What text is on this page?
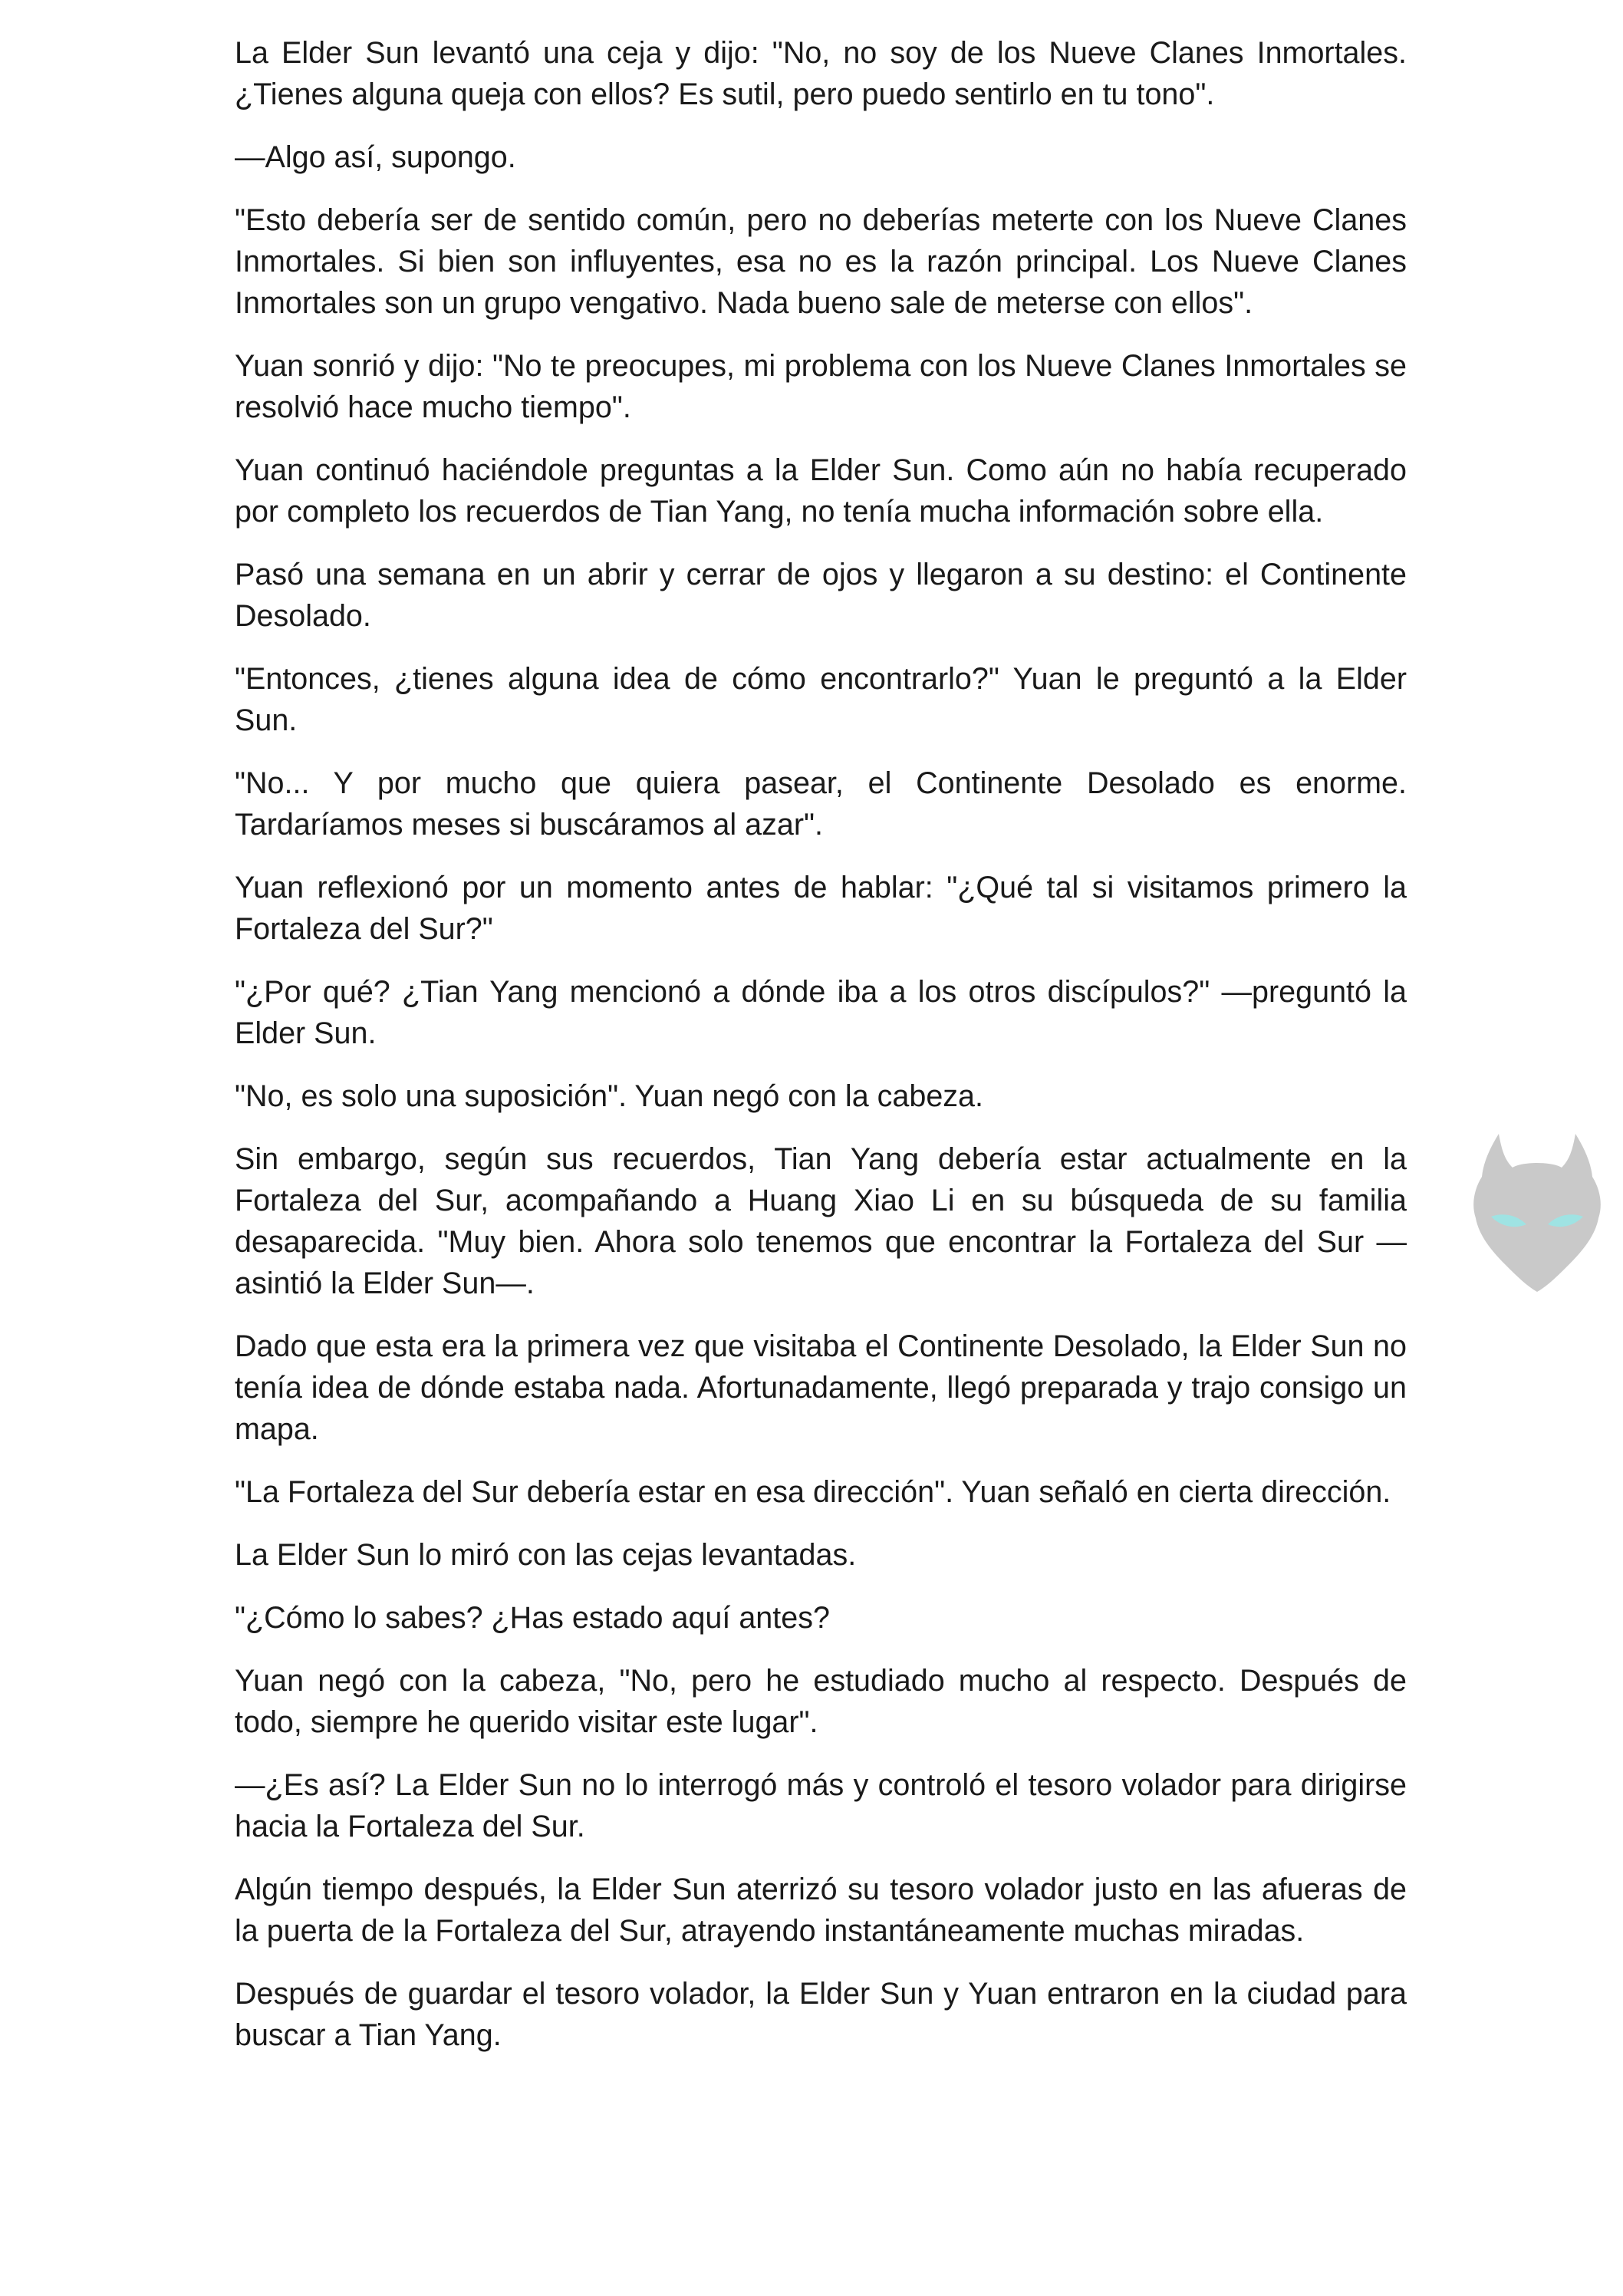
La Elder Sun levantó una ceja y dijo: "No, no soy de los Nueve Clanes Inmortales. ¿Tienes alguna queja con ellos? Es sutil, pero puedo sentirlo en tu tono".

—Algo así, supongo.

"Esto debería ser de sentido común, pero no deberías meterte con los Nueve Clanes Inmortales. Si bien son influyentes, esa no es la razón principal. Los Nueve Clanes Inmortales son un grupo vengativo. Nada bueno sale de meterse con ellos".

Yuan sonrió y dijo: "No te preocupes, mi problema con los Nueve Clanes Inmortales se resolvió hace mucho tiempo".

Yuan continuó haciéndole preguntas a la Elder Sun. Como aún no había recuperado por completo los recuerdos de Tian Yang, no tenía mucha información sobre ella.

Pasó una semana en un abrir y cerrar de ojos y llegaron a su destino: el Continente Desolado.

"Entonces, ¿tienes alguna idea de cómo encontrarlo?" Yuan le preguntó a la Elder Sun.

"No... Y por mucho que quiera pasear, el Continente Desolado es enorme. Tardaríamos meses si buscáramos al azar".

Yuan reflexionó por un momento antes de hablar: "¿Qué tal si visitamos primero la Fortaleza del Sur?"

"¿Por qué? ¿Tian Yang mencionó a dónde iba a los otros discípulos?" —preguntó la Elder Sun.

"No, es solo una suposición". Yuan negó con la cabeza.

Sin embargo, según sus recuerdos, Tian Yang debería estar actualmente en la Fortaleza del Sur, acompañando a Huang Xiao Li en su búsqueda de su familia desaparecida. "Muy bien. Ahora solo tenemos que encontrar la Fortaleza del Sur —asintió la Elder Sun—.

Dado que esta era la primera vez que visitaba el Continente Desolado, la Elder Sun no tenía idea de dónde estaba nada. Afortunadamente, llegó preparada y trajo consigo un mapa.

"La Fortaleza del Sur debería estar en esa dirección". Yuan señaló en cierta dirección.

La Elder Sun lo miró con las cejas levantadas.

"¿Cómo lo sabes? ¿Has estado aquí antes?

Yuan negó con la cabeza, "No, pero he estudiado mucho al respecto. Después de todo, siempre he querido visitar este lugar".

—¿Es así? La Elder Sun no lo interrogó más y controló el tesoro volador para dirigirse hacia la Fortaleza del Sur.

Algún tiempo después, la Elder Sun aterrizó su tesoro volador justo en las afueras de la puerta de la Fortaleza del Sur, atrayendo instantáneamente muchas miradas.

Después de guardar el tesoro volador, la Elder Sun y Yuan entraron en la ciudad para buscar a Tian Yang.
